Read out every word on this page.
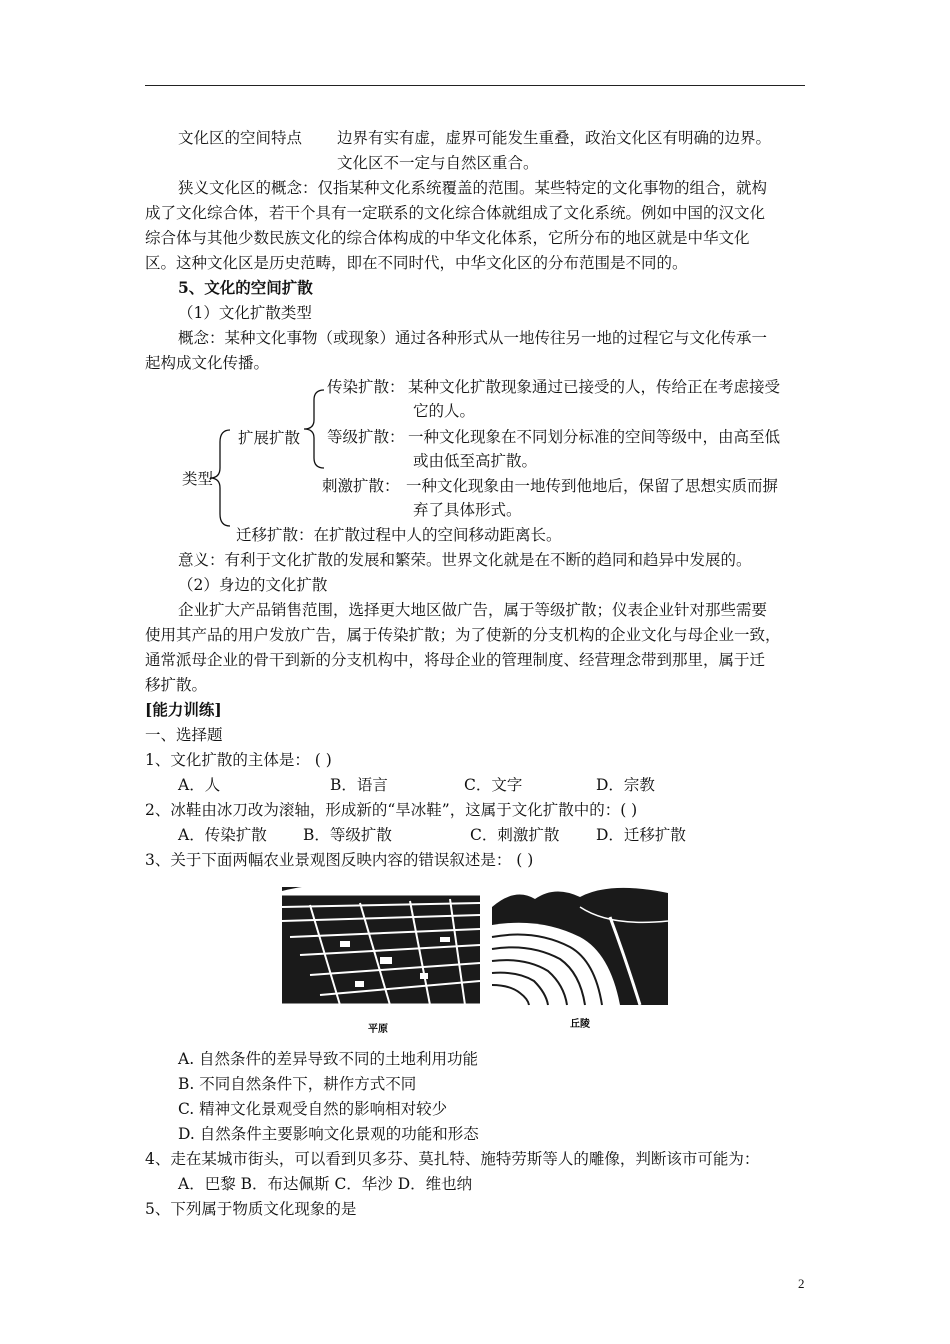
文化区的空间特点 边界有实有虚，虚界可能发生重叠，政治文化区有明确的边界。
文化区不一定与自然区重合。
狭义文化区的概念：仅指某种文化系统覆盖的范围。某些特定的文化事物的组合，就构
成了文化综合体，若干个具有一定联系的文化综合体就组成了文化系统。例如中国的汉文化
综合体与其他少数民族文化的综合体构成的中华文化体系，它所分布的地区就是中华文化
区。这种文化区是历史范畴，即在不同时代，中华文化区的分布范围是不同的。
5、文化的空间扩散
（1）文化扩散类型
概念：某种文化事物（或现象）通过各种形式从一地传往另一地的过程它与文化传承一
起构成文化传播。
类型
扩展扩散
传染扩散： 某种文化扩散现象通过已接受的人，传给正在考虑接受
它的人。
等级扩散： 一种文化现象在不同划分标准的空间等级中，由高至低
或由低至高扩散。
刺激扩散： 一种文化现象由一地传到他地后，保留了思想实质而摒
弃了具体形式。
迁移扩散：在扩散过程中人的空间移动距离长。
意义：有利于文化扩散的发展和繁荣。世界文化就是在不断的趋同和趋异中发展的。
（2）身边的文化扩散
企业扩大产品销售范围，选择更大地区做广告，属于等级扩散；仪表企业针对那些需要
使用其产品的用户发放广告，属于传染扩散；为了使新的分支机构的企业文化与母企业一致，
通常派母企业的骨干到新的分支机构中，将母企业的管理制度、经营理念带到那里，属于迁
移扩散。
[能力训练]
一、选择题
1、文化扩散的主体是： ( )
A．人	B．语言	C．文字	D．宗教
2、冰鞋由冰刀改为滚轴，形成新的“旱冰鞋”，这属于文化扩散中的：( )
A．传染扩散 B．等级扩散	C．刺激扩散 D．迁移扩散
3、关于下面两幅农业景观图反映内容的错误叙述是： ( )
平原	丘陵
A. 自然条件的差异导致不同的土地利用功能
B. 不同自然条件下，耕作方式不同
C. 精神文化景观受自然的影响相对较少
D. 自然条件主要影响文化景观的功能和形态
4、走在某城市街头，可以看到贝多芬、莫扎特、施特劳斯等人的雕像，判断该市可能为：
A．巴黎 B．布达佩斯 C．华沙 D．维也纳
5、下列属于物质文化现象的是
2
